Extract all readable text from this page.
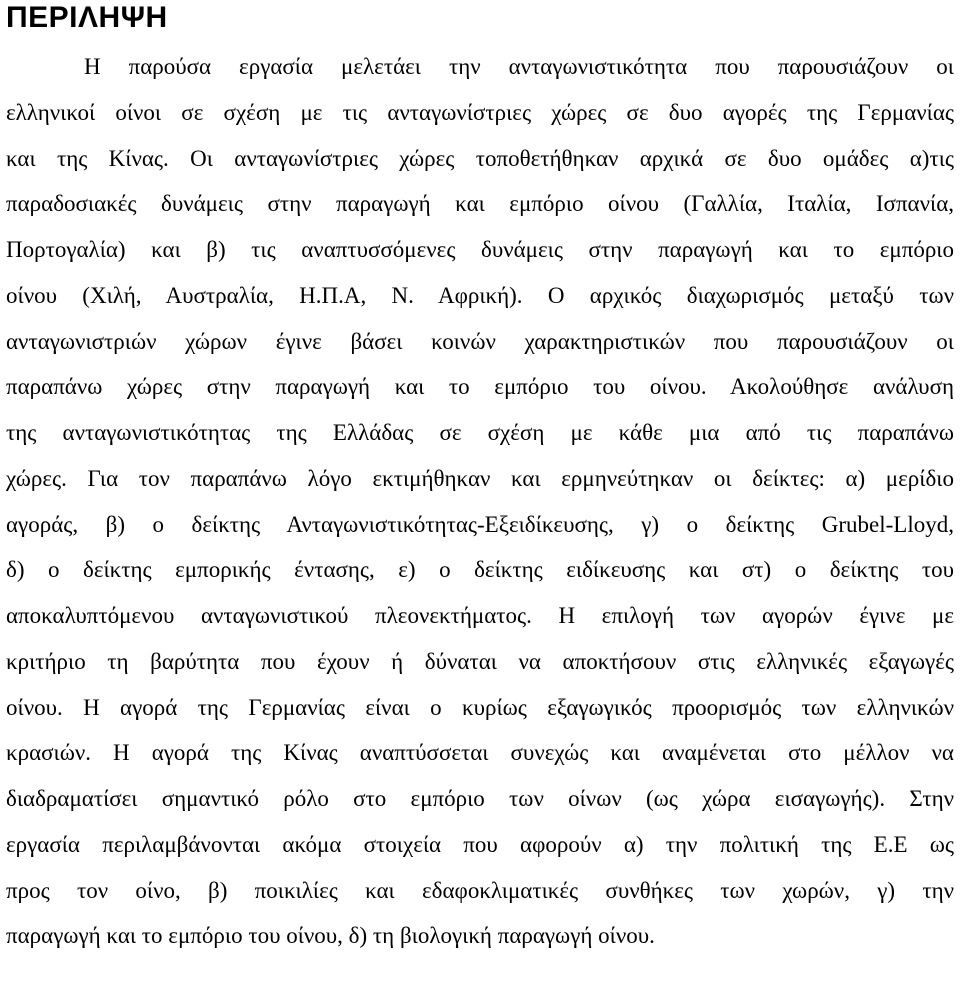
ΠΕΡΙΛΗΨΗ
Η παρούσα εργασία μελετάει την ανταγωνιστικότητα που παρουσιάζουν οι
ελληνικοί οίνοι σε σχέση με τις ανταγωνίστριες χώρες σε δυο αγορές της Γερμανίας
και της Κίνας. Οι ανταγωνίστριες χώρες τοποθετήθηκαν αρχικά σε δυο ομάδες α)τις
παραδοσιακές δυνάμεις στην παραγωγή και εμπόριο οίνου (Γαλλία, Ιταλία, Ισπανία,
Πορτογαλία) και β) τις αναπτυσσόμενες δυνάμεις στην παραγωγή και το εμπόριο
οίνου (Χιλή, Αυστραλία, Η.Π.Α, Ν. Αφρική). Ο αρχικός διαχωρισμός μεταξύ των
ανταγωνιστριών χώρων έγινε βάσει κοινών χαρακτηριστικών που παρουσιάζουν οι
παραπάνω χώρες στην παραγωγή και το εμπόριο του οίνου. Ακολούθησε ανάλυση
της ανταγωνιστικότητας της Ελλάδας σε σχέση με κάθε μια από τις παραπάνω
χώρες. Για τον παραπάνω λόγο εκτιμήθηκαν και ερμηνεύτηκαν οι δείκτες: α) μερίδιο
αγοράς, β) ο δείκτης Ανταγωνιστικότητας-Εξειδίκευσης, γ) ο δείκτης Grubel-Lloyd,
δ) ο δείκτης εμπορικής έντασης, ε) ο δείκτης ειδίκευσης και στ) ο δείκτης του
αποκαλυπτόμενου ανταγωνιστικού πλεονεκτήματος. Η επιλογή των αγορών έγινε με
κριτήριο τη βαρύτητα που έχουν ή δύναται να αποκτήσουν στις ελληνικές εξαγωγές
οίνου. Η αγορά της Γερμανίας είναι ο κυρίως εξαγωγικός προορισμός των ελληνικών
κρασιών. Η αγορά της Κίνας αναπτύσσεται συνεχώς και αναμένεται στο μέλλον να
διαδραματίσει σημαντικό ρόλο στο εμπόριο των οίνων (ως χώρα εισαγωγής). Στην
εργασία περιλαμβάνονται ακόμα στοιχεία που αφορούν α) την πολιτική της Ε.Ε ως
προς τον οίνο, β) ποικιλίες και εδαφοκλιματικές συνθήκες των χωρών, γ) την
παραγωγή και το εμπόριο του οίνου, δ) τη βιολογική παραγωγή οίνου.
